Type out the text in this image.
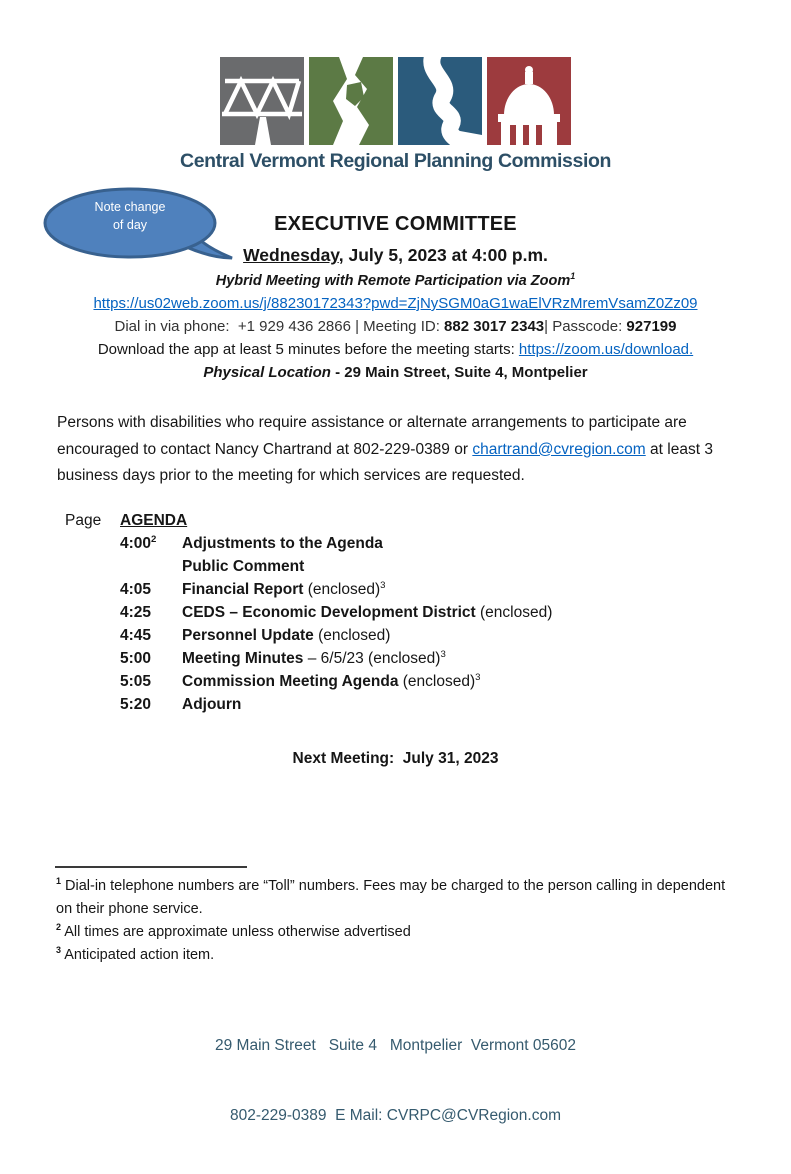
Central Vermont Regional Planning Commission
Note change
of day	EXECUTIVE COMMITTEE
Wednesday, July 5, 2023 at 4:00 p.m.
Hybrid Meeting with Remote Participation via Zoom$^1$
https://us02web.zoom.us/j/88230172343?pwd=ZjNySGM0aG1waElVRzMremVsamZ0Zz09
Dial in via phone:  +1 929 436 2866 | Meeting ID: 882 3017 2343| Passcode: 927199
Download the app at least 5 minutes before the meeting starts: https://zoom.us/download.
Physical Location - 29 Main Street, Suite 4, Montpelier
Persons with disabilities who require assistance or alternate arrangements to participate are encouraged to contact Nancy Chartrand at 802-229-0389 or chartrand@cvregion.com at least 3 business days prior to the meeting for which services are requested.
Page	AGENDA
$4:00^2$	Adjustments to the Agenda
Public Comment
4:05	Financial Report (enclosed)$^3$
4:25	CEDS – Economic Development District (enclosed)
4:45	Personnel Update (enclosed)
5:00	Meeting Minutes – 6/5/23 (enclosed)$^3$
5:05	Commission Meeting Agenda (enclosed)$^3$
5:20	Adjourn
Next Meeting:  July 31, 2023
$^1$ Dial-in telephone numbers are “Toll” numbers. Fees may be charged to the person calling in dependent on their phone service.
$^2$ All times are approximate unless otherwise advertised
$^3$ Anticipated action item.

29 Main Street   Suite 4   Montpelier  Vermont 05602

802-229-0389  E Mail: CVRPC@CVRegion.com
